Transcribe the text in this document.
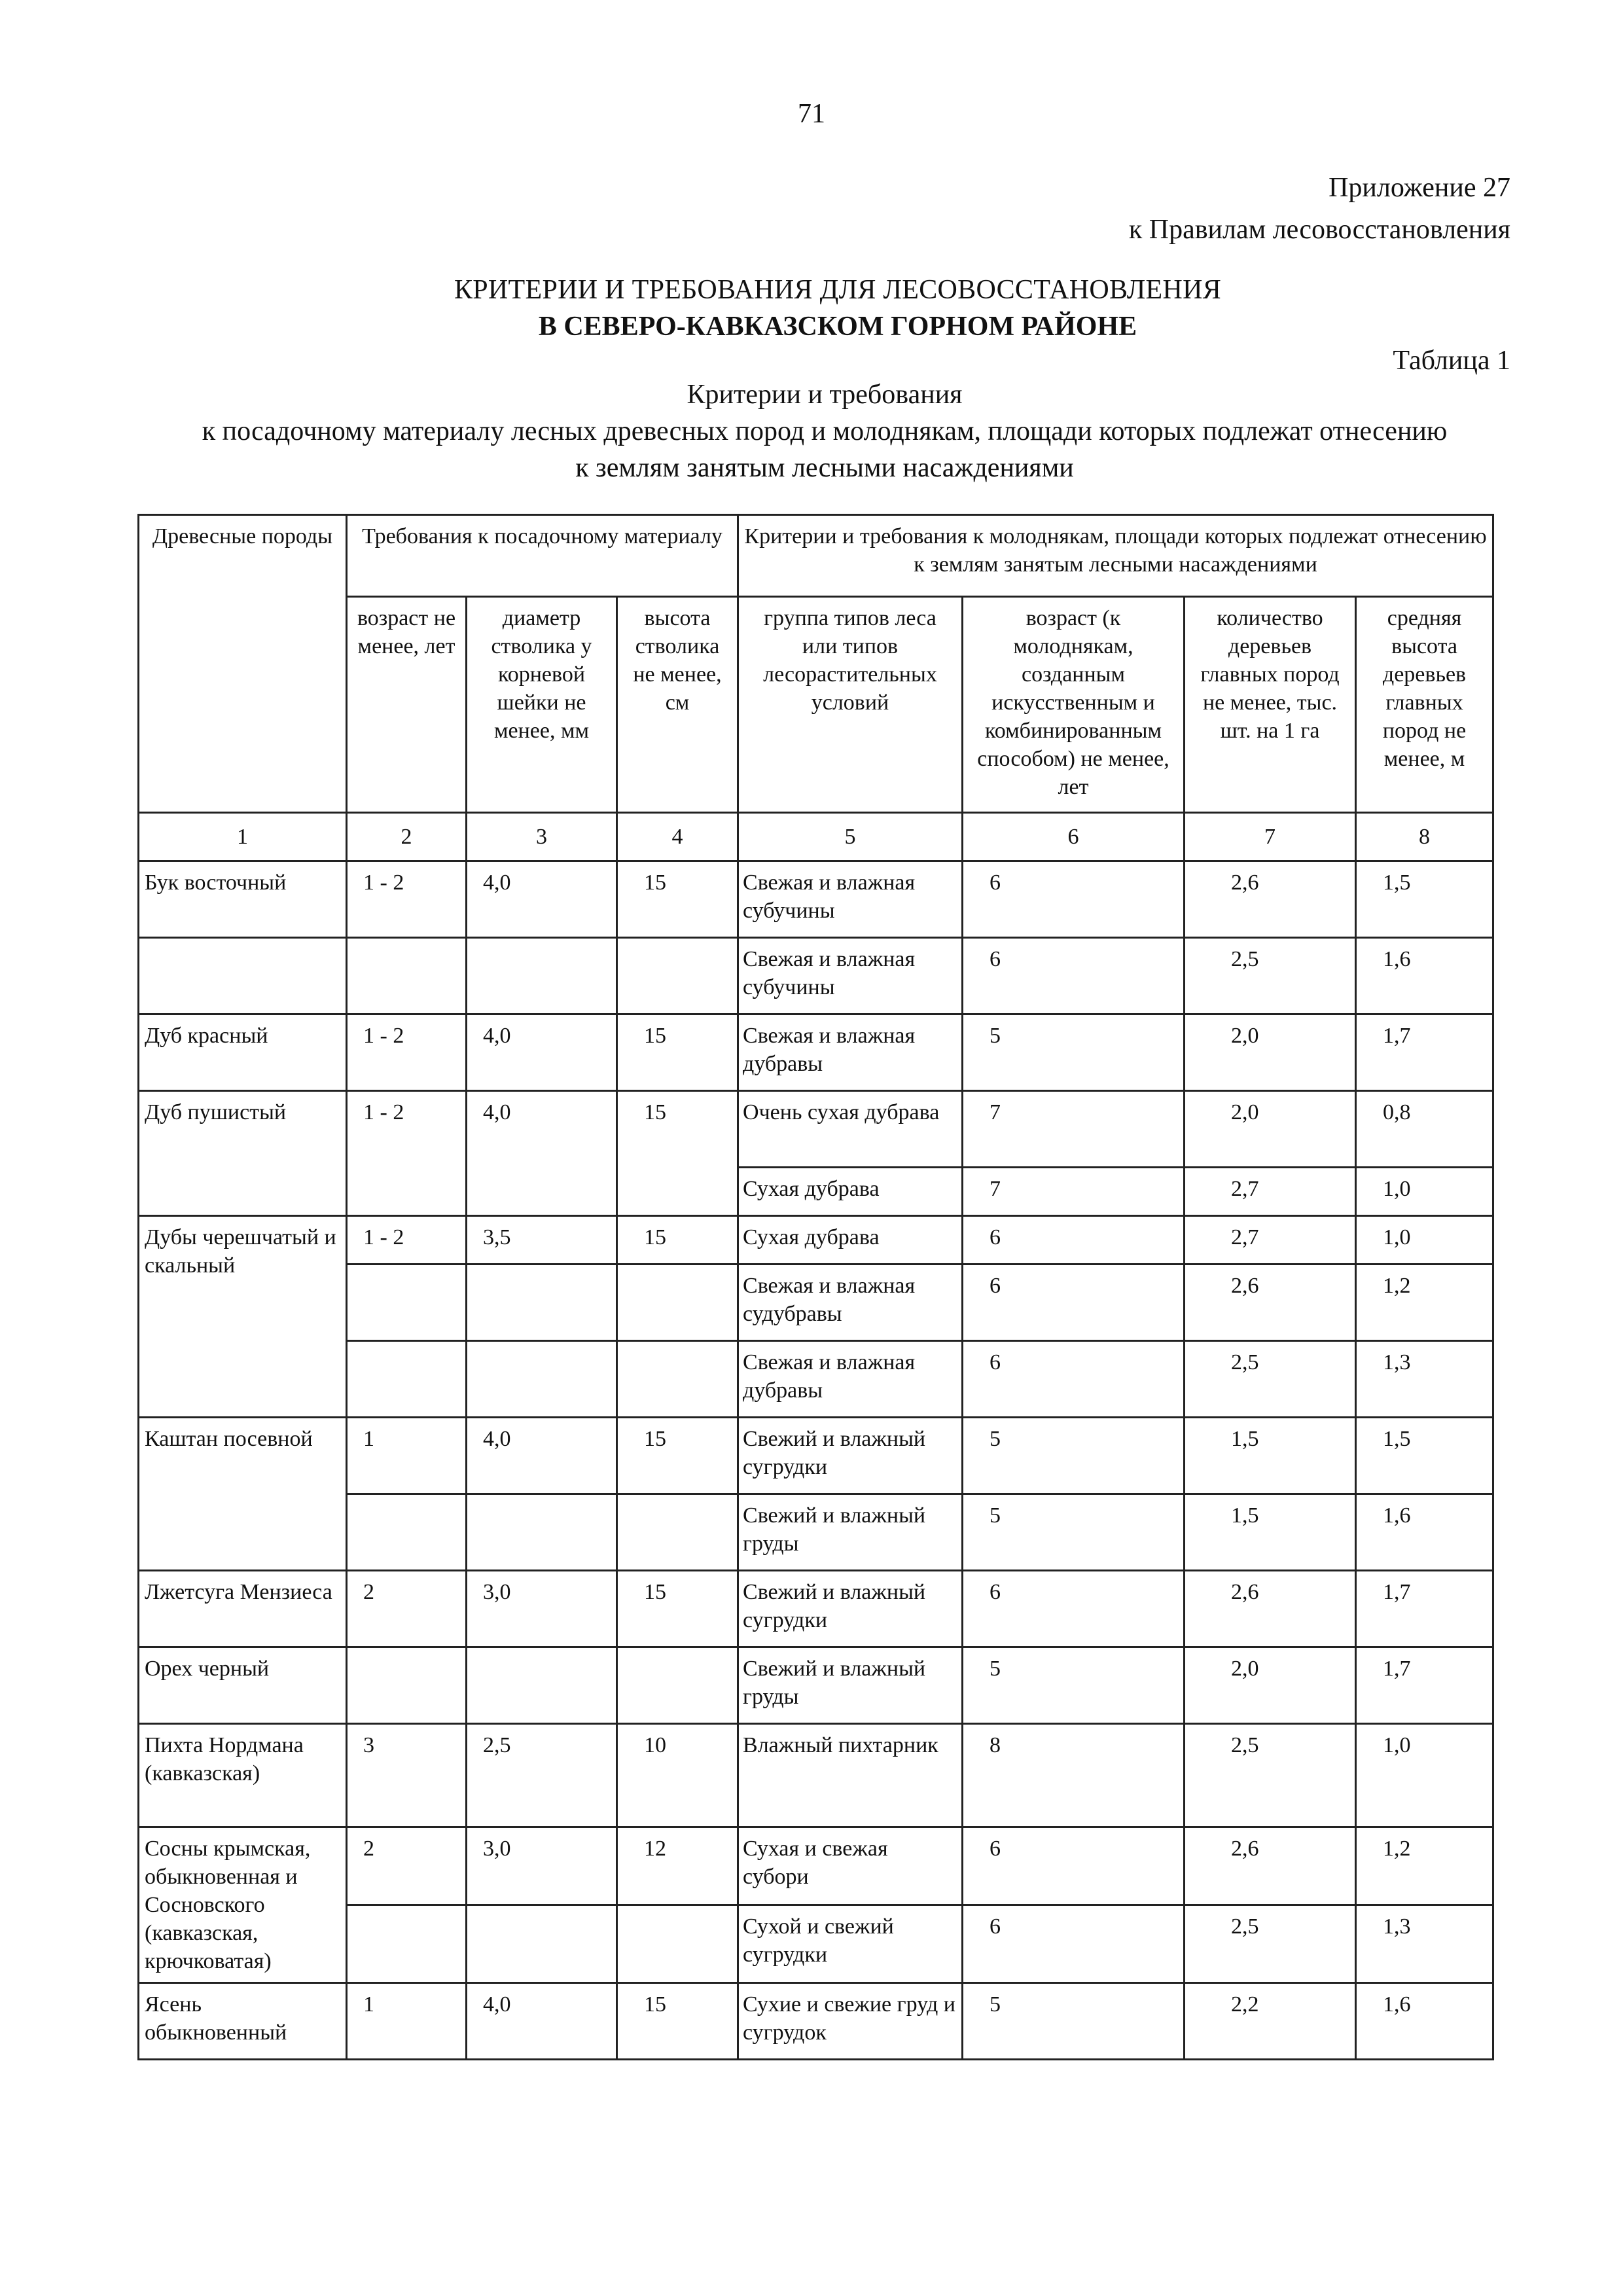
71
Приложение 27
к Правилам лесовосстановления
КРИТЕРИИ И ТРЕБОВАНИЯ ДЛЯ ЛЕСОВОССТАНОВЛЕНИЯ
В СЕВЕРО-КАВКАЗСКОМ ГОРНОМ РАЙОНЕ
Таблица 1
Критерии и требования
к посадочному материалу лесных древесных пород и молоднякам, площади которых подлежат отнесению
к землям занятым лесными насаждениями
Древесные породы	Требования к посадочному материалу			Критерии и требования к молоднякам, площади которых подлежат отнесению к землям занятым лесными насаждениями			
	возраст не менее, лет	диаметр стволика у корневой шейки не менее, мм	высота стволика не менее, см	группа типов леса или типов лесорастительных условий	возраст (к молоднякам, созданным искусственным и комбинированным способом) не менее, лет	количество деревьев главных пород не менее, тыс. шт. на 1 га	средняя высота деревьев главных пород не менее, м
1	2	3	4	5	6	7	8
Бук восточный	1 - 2	4,0	15	Свежая и влажная субучины	6	2,6	1,5
				Свежая и влажная субучины	6	2,5	1,6
Дуб красный	1 - 2	4,0	15	Свежая и влажная дубравы	5	2,0	1,7
Дуб пушистый	1 - 2	4,0	15	Очень сухая дубрава	7	2,0	0,8
				Сухая дубрава	7	2,7	1,0
Дубы черешчатый и скальный	1 - 2	3,5	15	Сухая дубрава	6	2,7	1,0
				Свежая и влажная судубравы	6	2,6	1,2
				Свежая и влажная дубравы	6	2,5	1,3
Каштан посевной	1	4,0	15	Свежий и влажный сугрудки	5	1,5	1,5
				Свежий и влажный груды	5	1,5	1,6
Лжетсуга Мензиеса	2	3,0	15	Свежий и влажный сугрудки	6	2,6	1,7
Орех черный				Свежий и влажный груды	5	2,0	1,7
Пихта Нордмана (кавказская)	3	2,5	10	Влажный пихтарник	8	2,5	1,0
Сосны крымская, обыкновенная и Сосновского (кавказская, крючковатая)	2	3,0	12	Сухая и свежая субори	6	2,6	1,2
				Сухой и свежий сугрудки	6	2,5	1,3
Ясень обыкновенный	1	4,0	15	Сухие и свежие груд и сугрудок	5	2,2	1,6
